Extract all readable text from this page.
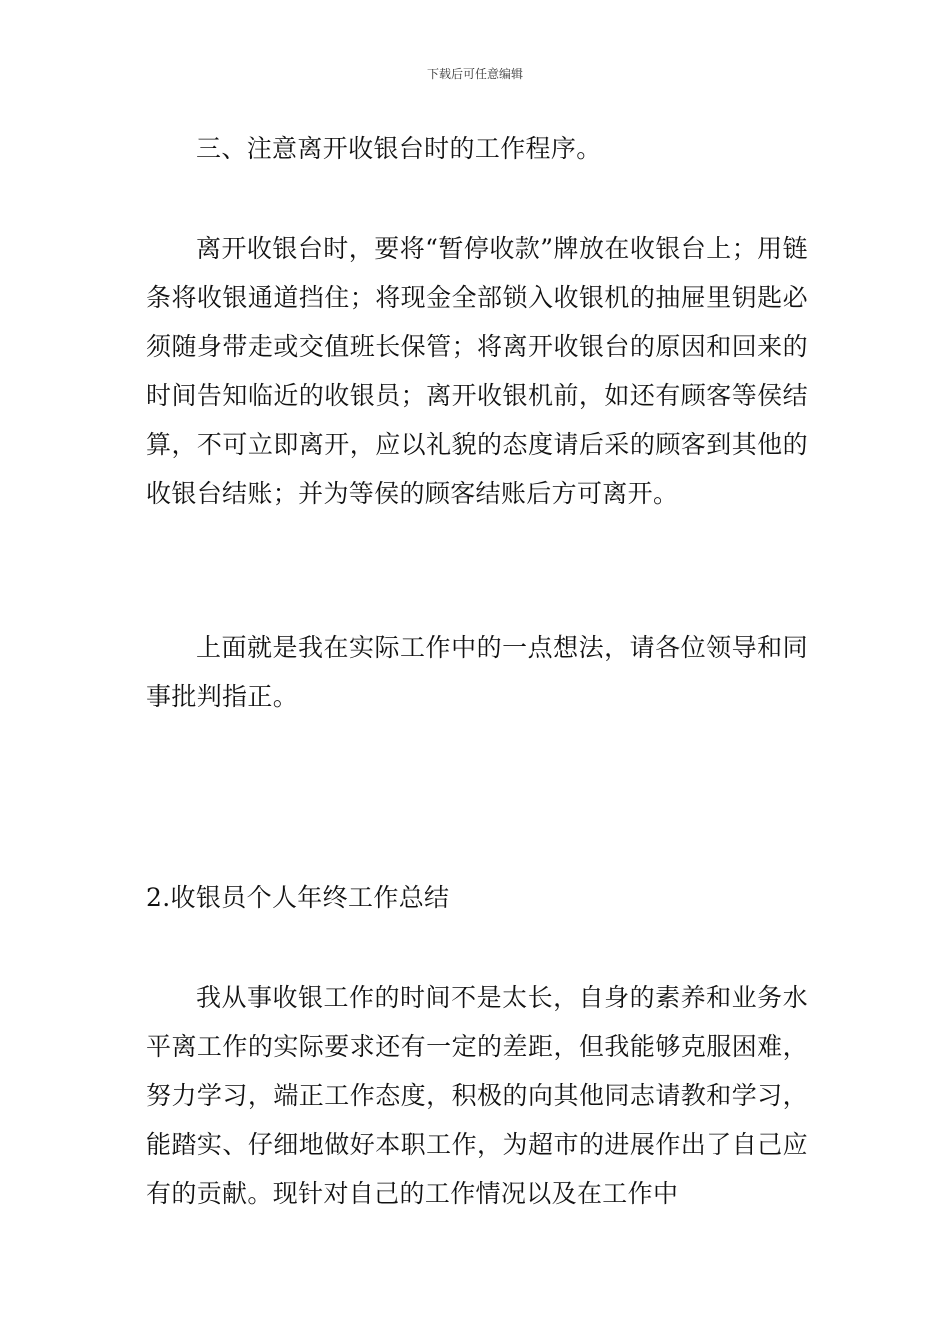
下载后可任意编辑

三、注意离开收银台时的工作程序。

离开收银台时，要将“暂停收款”牌放在收银台上；用链条将收银通道挡住；将现金全部锁入收银机的抽屉里钥匙必须随身带走或交值班长保管；将离开收银台的原因和回来的时间告知临近的收银员；离开收银机前，如还有顾客等侯结算，不可立即离开，应以礼貌的态度请后采的顾客到其他的收银台结账；并为等侯的顾客结账后方可离开。

上面就是我在实际工作中的一点想法，请各位领导和同事批判指正。

2.收银员个人年终工作总结

我从事收银工作的时间不是太长，自身的素养和业务水平离工作的实际要求还有一定的差距，但我能够克服困难，努力学习，端正工作态度，积极的向其他同志请教和学习，能踏实、仔细地做好本职工作，为超市的进展作出了自己应有的贡献。现针对自己的工作情况以及在工作中
